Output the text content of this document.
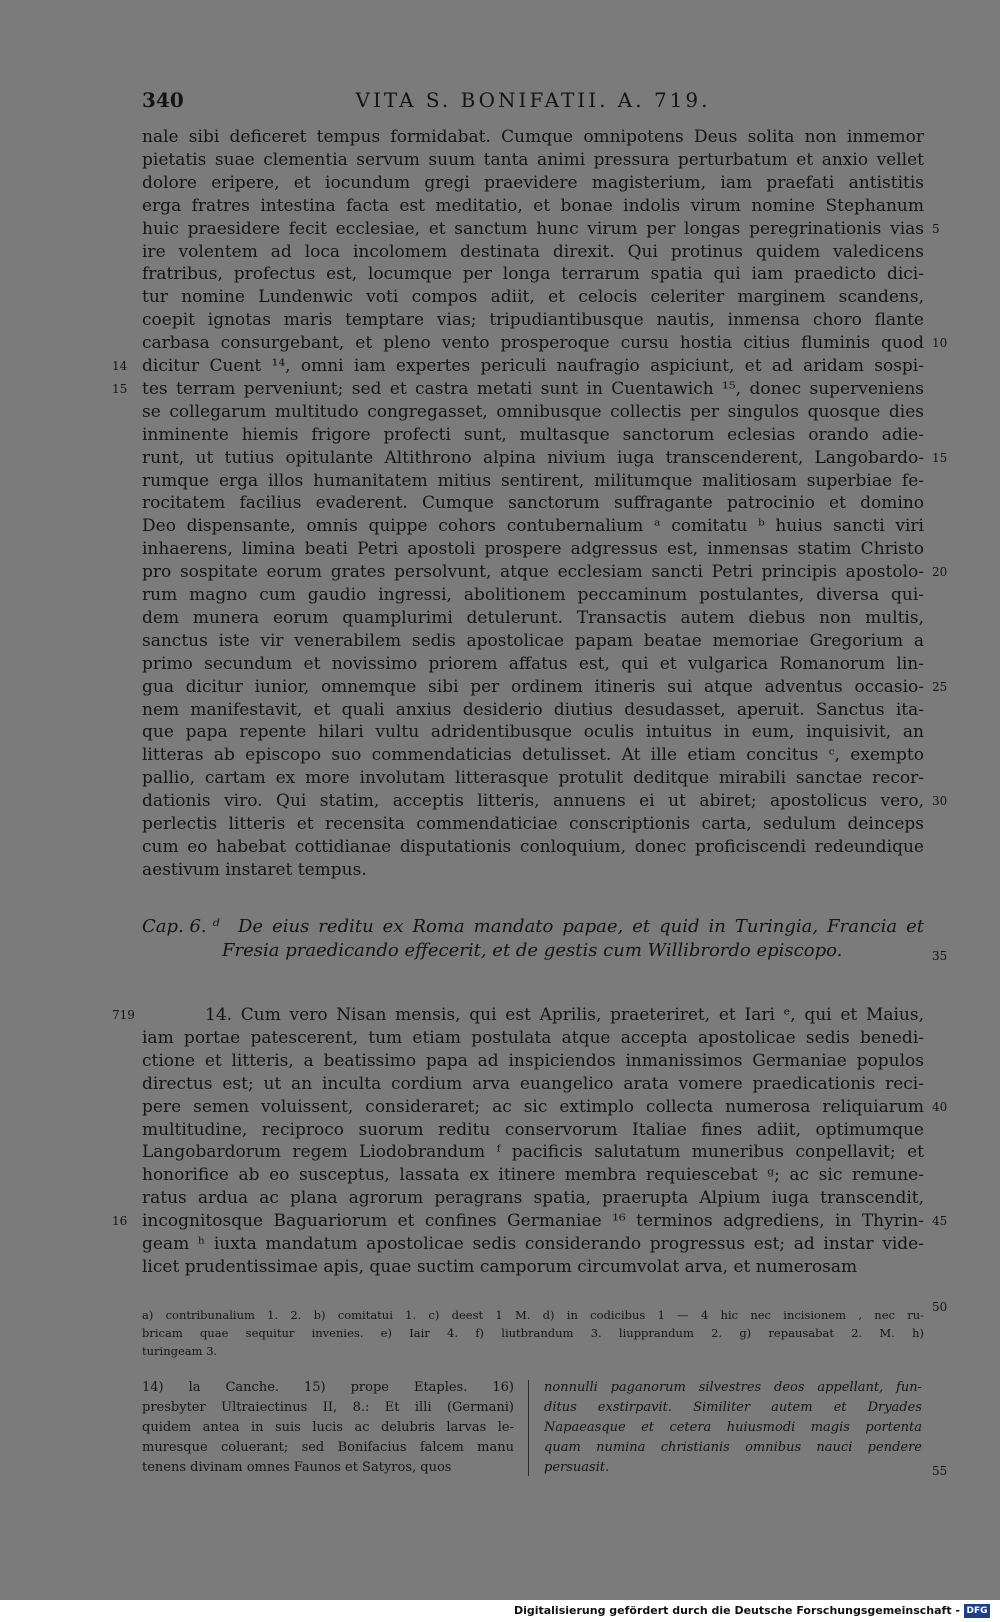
340	VITA S. BONIFATII. A. 719.
nale sibi deficeret tempus formidabat. Cumque omnipotens Deus solita non inmemor
pietatis suae clementia servum suum tanta animi pressura perturbatum et anxio vellet
dolore eripere, et iocundum gregi praevidere magisterium, iam praefati antistitis
erga fratres intestina facta est meditatio, et bonae indolis virum nomine Stephanum
huic praesidere fecit ecclesiae, et sanctum hunc virum per longas peregrinationis vias 5
ire volentem ad loca incolomem destinata direxit. Qui protinus quidem valedicens
fratribus, profectus est, locumque per longa terrarum spatia qui iam praedicto dici-
tur nomine Lundenwic voti compos adiit, et celocis celeriter marginem scandens,
coepit ignotas maris temptare vias; tripudiantibusque nautis, inmensa choro flante
carbasa consurgebant, et pleno vento prosperoque cursu hostia citius fluminis quod 10
dicitur Cuent ¹⁴, omni iam expertes periculi naufragio aspiciunt, et ad aridam sospi-
14
tes terram perveniunt; sed et castra metati sunt in Cuentawich ¹⁵, donec superveniens
15
se collegarum multitudo congregasset, omnibusque collectis per singulos quosque dies
inminente hiemis frigore profecti sunt, multasque sanctorum eclesias orando adie-
runt, ut tutius opitulante Altithrono alpina nivium iuga transcenderent, Langobardo- 15
rumque erga illos humanitatem mitius sentirent, militumque malitiosam superbiae fe-
rocitatem facilius evaderent. Cumque sanctorum suffragante patrocinio et domino
Deo dispensante, omnis quippe cohors contubernalium ᵃ comitatu ᵇ huius sancti viri
inhaerens, limina beati Petri apostoli prospere adgressus est, inmensas statim Christo
pro sospitate eorum grates persolvunt, atque ecclesiam sancti Petri principis apostolo- 20
rum magno cum gaudio ingressi, abolitionem peccaminum postulantes, diversa qui-
dem munera eorum quamplurimi detulerunt. Transactis autem diebus non multis,
sanctus iste vir venerabilem sedis apostolicae papam beatae memoriae Gregorium a
primo secundum et novissimo priorem affatus est, qui et vulgarica Romanorum lin-
gua dicitur iunior, omnemque sibi per ordinem itineris sui atque adventus occasio- 25
nem manifestavit, et quali anxius desiderio diutius desudasset, aperuit. Sanctus ita-
que papa repente hilari vultu adridentibusque oculis intuitus in eum, inquisivit, an
litteras ab episcopo suo commendaticias detulisset. At ille etiam concitus ᶜ, exempto
pallio, cartam ex more involutam litterasque protulit deditque mirabili sanctae recor-
dationis viro. Qui statim, acceptis litteris, annuens ei ut abiret; apostolicus vero, 30
perlectis litteris et recensita commendaticiae conscriptionis carta, sedulum deinceps
cum eo habebat cottidianae disputationis conloquium, donec proficiscendi redeundique
aestivum instaret tempus.
Cap. 6. ᵈ De eius reditu ex Roma mandato papae, et quid in Turingia, Francia et
Fresia praedicando effecerit, et de gestis cum Willibrordo episcopo.	35
14. Cum vero Nisan mensis, qui est Aprilis, praeteriret, et Iari ᵉ, qui et Maius,
719
iam portae patescerent, tum etiam postulata atque accepta apostolicae sedis benedi-
ctione et litteris, a beatissimo papa ad inspiciendos inmanissimos Germaniae populos
directus est; ut an inculta cordium arva euangelico arata vomere praedicationis reci-
pere semen voluissent, consideraret; ac sic extimplo collecta numerosa reliquiarum 40
multitudine, reciproco suorum reditu conservorum Italiae fines adiit, optimumque
Langobardorum regem Liodobrandum ᶠ pacificis salutatum muneribus conpellavit; et
honorifice ab eo susceptus, lassata ex itinere membra requiescebat ᵍ; ac sic remune-
ratus ardua ac plana agrorum peragrans spatia, praerupta Alpium iuga transcendit,
incognitosque Baguariorum et confines Germaniae ¹⁶ terminos adgrediens, in Thyrin- 45
16
geam ʰ iuxta mandatum apostolicae sedis considerando progressus est; ad instar vide-
licet prudentissimae apis, quae suctim camporum circumvolat arva, et numerosam
a) contribunalium 1. 2. b) comitatui 1. c) deest 1 M. d) in codicibus 1 — 4 hic nec incisionem , nec ru-
bricam quae sequitur invenies. e) Iair 4. f) liutbrandum 3. liupprandum 2. g) repausabat 2. M. h)
turingeam 3.
50
14) la Canche. 15) prope Etaples. 16)
presbyter Ultraiectinus II, 8.: Et illi (Germani)
quidem antea in suis lucis ac delubris larvas le-
muresque coluerant; sed Bonifacius falcem manu
tenens divinam omnes Faunos et Satyros, quos
nonnulli paganorum silvestres deos appellant, fun-
ditus exstirpavit. Similiter autem et Dryades
Napaeasque et cetera huiusmodi magis portenta
quam numina christianis omnibus nauci pendere
persuasit.	55
Digitalisierung gefördert durch die Deutsche Forschungsgemeinschaft - DFG
